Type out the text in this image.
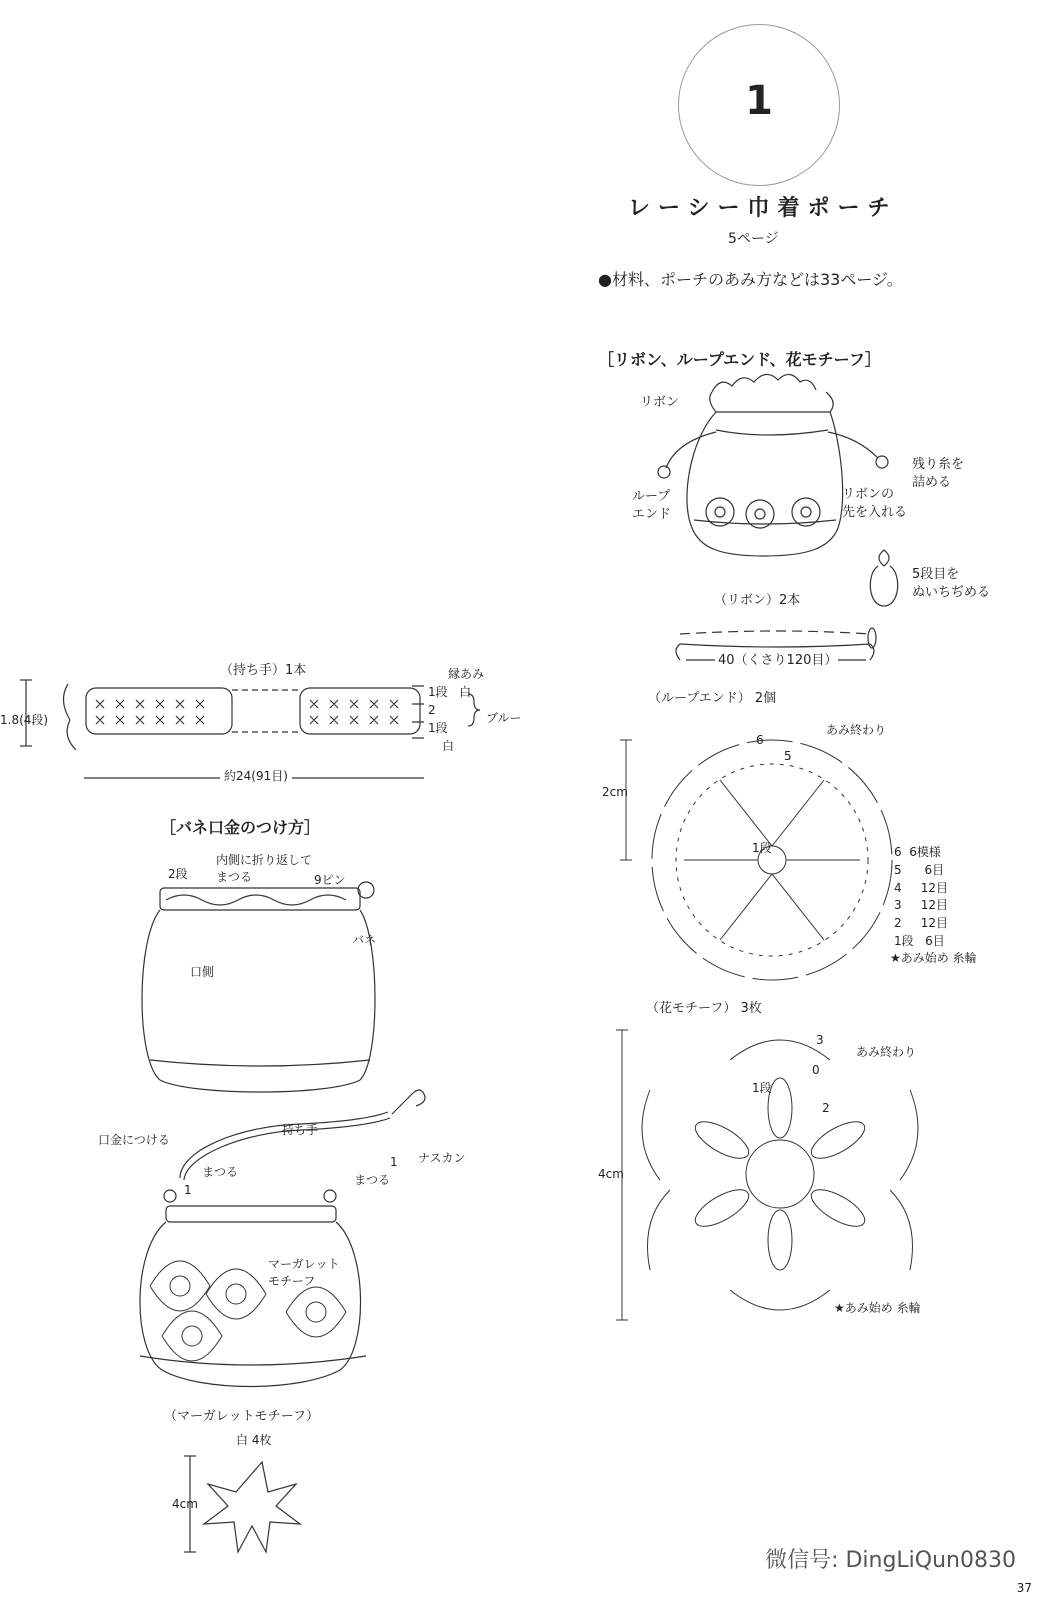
1
レーシー巾着ポーチ
5ページ
●材料、ポーチのあみ方などは33ページ。
［リボン、ループエンド、花モチーフ］
リボン
ループ
エンド
残り糸を
詰める
リボンの
先を入れる
5段目を
ぬいちぢめる
（リボン）2本
40（くさり120目）
（ループエンド） 2個
2cm
あみ終わり
6
5
1段	6 6模様
5 6目
4 12目
3 12目
2 12目
1段 6目
★あみ始め 糸輪
（花モチーフ） 3枚
4cm
3
0
1段
2
あみ終わり
★あみ始め 糸輪
（持ち手）1本
1.8(4段)
縁あみ
1段 白
2
1段
白
ブルー
約24(91目)
［バネ口金のつけ方］
2段
内側に折り返して
まつる	9ピン
バネ
口側
口金につける
持ち手
まつる
1
1
まつる
ナスカン
マーガレット
モチーフ
（マーガレットモチーフ）
白 4枚
4cm
微信号: DingLiQun0830
37
